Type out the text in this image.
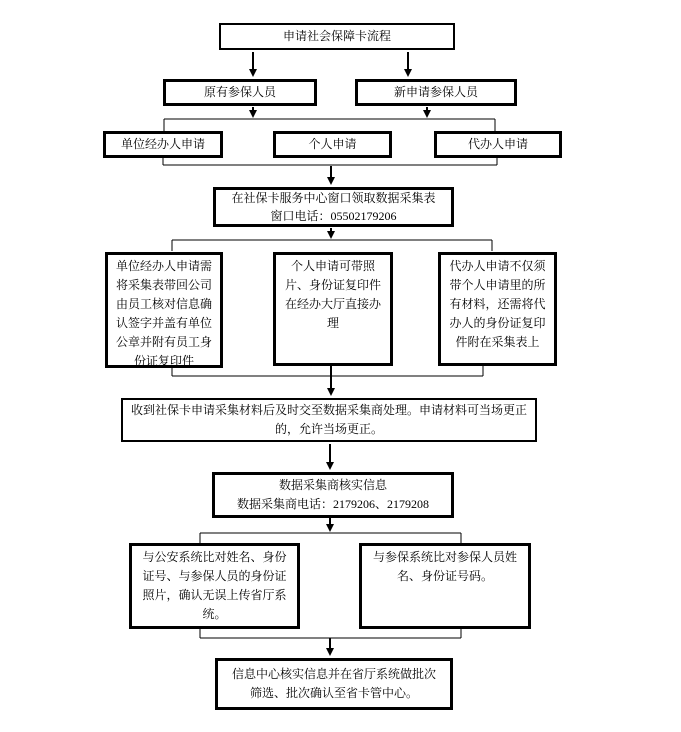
申请社会保障卡流程
原有参保人员	新申请参保人员
单位经办人申请	个人申请	代办人申请
在社保卡服务中心窗口领取数据采集表
窗口电话：05502179206
单位经办人申请需将采集表带回公司由员工核对信息确认签字并盖有单位公章并附有员工身份证复印件
个人申请可带照片、身份证复印件在经办大厅直接办理
代办人申请不仅须带个人申请里的所有材料，还需将代办人的身份证复印件附在采集表上
收到社保卡申请采集材料后及时交至数据采集商处理。申请材料可当场更正的，允许当场更正。
数据采集商核实信息
数据采集商电话：2179206、2179208
与公安系统比对姓名、身份证号、与参保人员的身份证照片，确认无误上传省厅系统。
与参保系统比对参保人员姓名、身份证号码。
信息中心核实信息并在省厅系统做批次筛选、批次确认至省卡管中心。
